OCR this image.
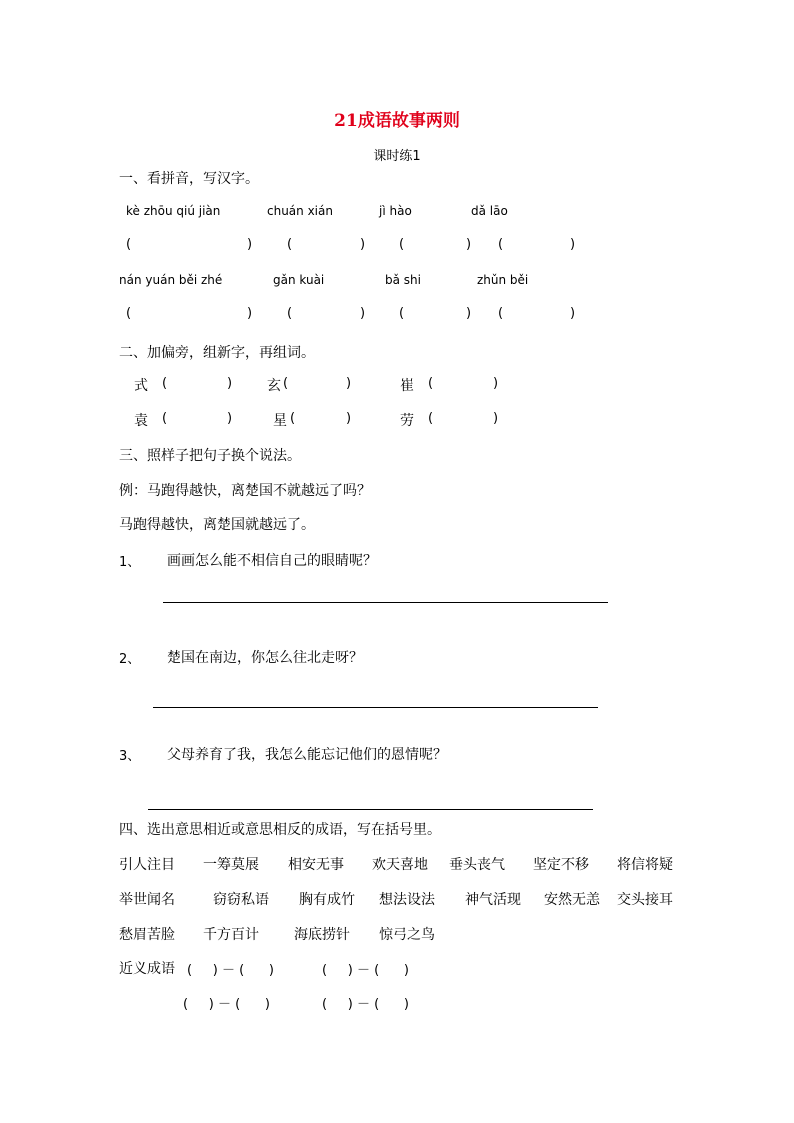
21成语故事两则
课时练1
一、看拼音，写汉字。
kè zhōu qiú jiàn	chuán xián	jì hào	dǎ lāo
(	)	(	)	(	) (	)
nán yuán běi zhé	gǎn kuài	bǎ shi	zhǔn běi
(	)	(	)	(	) (	)
二、加偏旁，组新字，再组词。
式 (	) 玄 (	)	崔 (	)
袁 (	)	星 (	)	劳 (	)
三、照样子把句子换个说法。
例：马跑得越快，离楚国不就越远了吗？
马跑得越快，离楚国就越远了。
1、 画画怎么能不相信自己的眼睛呢？
2、 楚国在南边，你怎么往北走呀？
3、 父母养育了我，我怎么能忘记他们的恩情呢？
四、选出意思相近或意思相反的成语，写在括号里。
引人注目 一筹莫展 相安无事 欢天喜地 垂头丧气 坚定不移 将信将疑
举世闻名	窃窃私语 胸有成竹 想法设法 神气活现 安然无恙 交头接耳
愁眉苦脸 千方百计	海底捞针 惊弓之鸟
近义成语 (     ) － (      )	(     ) － (      )
(     ) － (      )	(     ) － (      )
